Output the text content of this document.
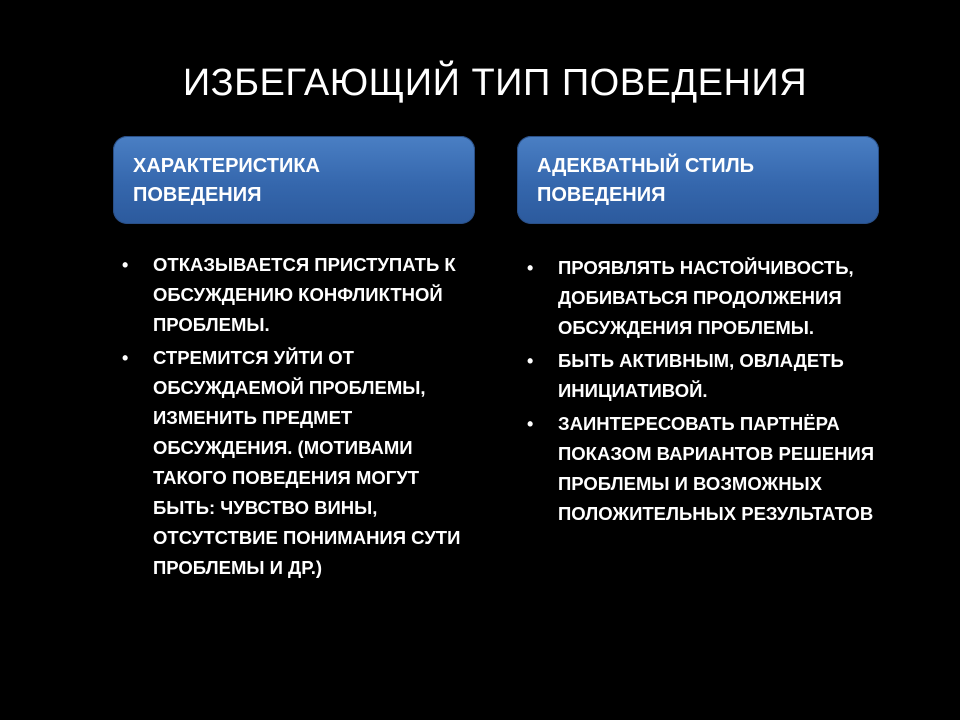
ИЗБЕГАЮЩИЙ ТИП ПОВЕДЕНИЯ
ХАРАКТЕРИСТИКА
ПОВЕДЕНИЯ
АДЕКВАТНЫЙ СТИЛЬ
ПОВЕДЕНИЯ
•	ОТКАЗЫВАЕТСЯ ПРИСТУПАТЬ К ОБСУЖДЕНИЮ КОНФЛИКТНОЙ ПРОБЛЕМЫ.
•	СТРЕМИТСЯ УЙТИ ОТ ОБСУЖДАЕМОЙ ПРОБЛЕМЫ, ИЗМЕНИТЬ ПРЕДМЕТ ОБСУЖДЕНИЯ. (МОТИВАМИ ТАКОГО ПОВЕДЕНИЯ МОГУТ БЫТЬ: ЧУВСТВО ВИНЫ, ОТСУТСТВИЕ ПОНИМАНИЯ СУТИ ПРОБЛЕМЫ И ДР.)
•	ПРОЯВЛЯТЬ НАСТОЙЧИВОСТЬ, ДОБИВАТЬСЯ ПРОДОЛЖЕНИЯ ОБСУЖДЕНИЯ ПРОБЛЕМЫ.
•	БЫТЬ АКТИВНЫМ, ОВЛАДЕТЬ ИНИЦИАТИВОЙ.
•	ЗАИНТЕРЕСОВАТЬ ПАРТНЁРА ПОКАЗОМ ВАРИАНТОВ РЕШЕНИЯ ПРОБЛЕМЫ И ВОЗМОЖНЫХ ПОЛОЖИТЕЛЬНЫХ РЕЗУЛЬТАТОВ
